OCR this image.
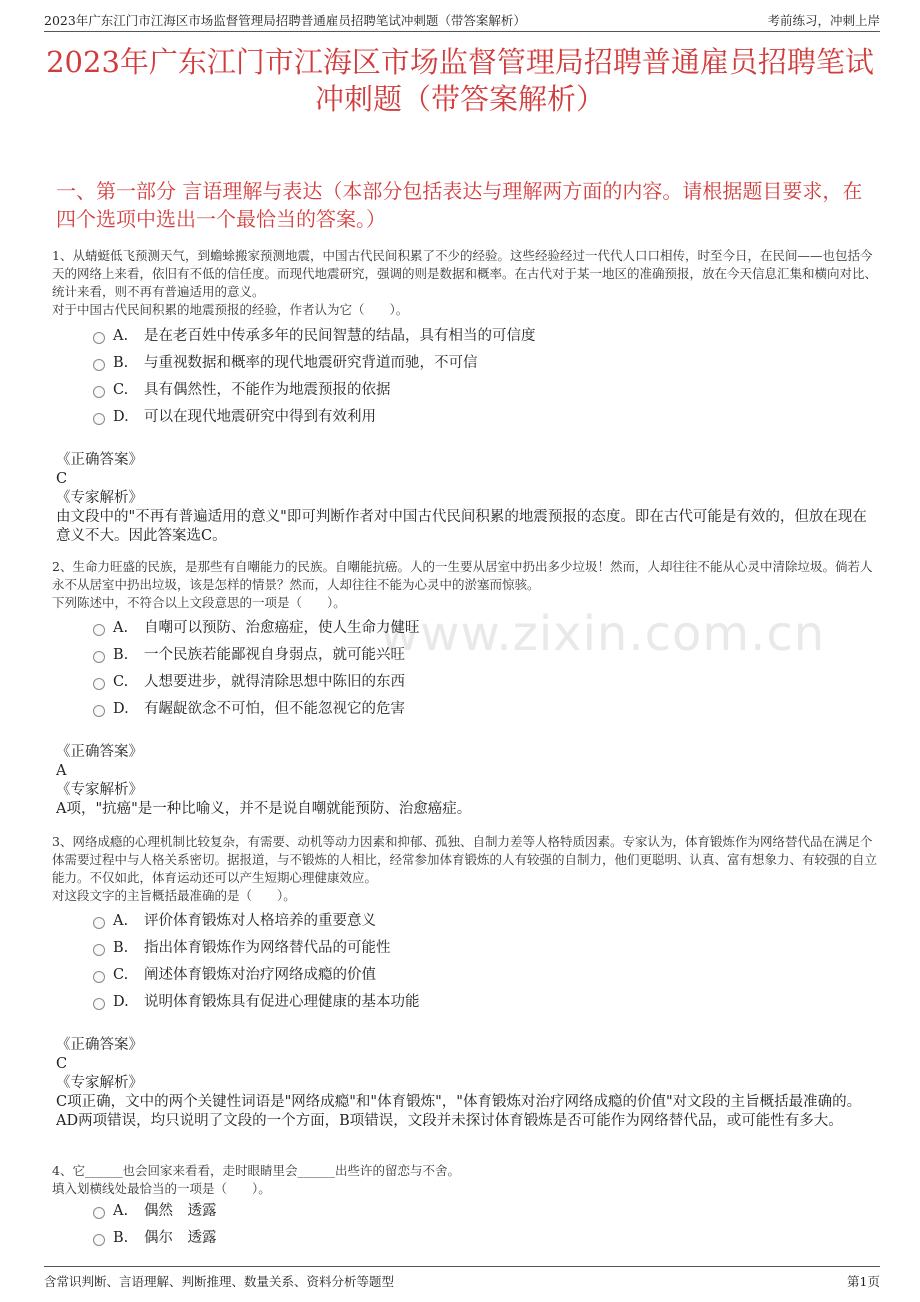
2023年广东江门市江海区市场监督管理局招聘普通雇员招聘笔试冲刺题（带答案解析）	考前练习，冲刺上岸
2023年广东江门市江海区市场监督管理局招聘普通雇员招聘笔试冲刺题（带答案解析）
一、第一部分 言语理解与表达（本部分包括表达与理解两方面的内容。请根据题目要求，在四个选项中选出一个最恰当的答案。）
www.zixin.com.cn

1、从蜻蜓低飞预测天气，到蟾蜍搬家预测地震，中国古代民间积累了不少的经验。这些经验经过一代代人口口相传，时至今日，在民间——也包括今天的网络上来看，依旧有不低的信任度。而现代地震研究，强调的则是数据和概率。在古代对于某一地区的准确预报，放在今天信息汇集和横向对比、统计来看，则不再有普遍适用的意义。

对于中国古代民间积累的地震预报的经验，作者认为它（　　）。

A. 是在老百姓中传承多年的民间智慧的结晶，具有相当的可信度
B. 与重视数据和概率的现代地震研究背道而驰，不可信
C. 具有偶然性，不能作为地震预报的依据
D. 可以在现代地震研究中得到有效利用

《正确答案》

C

《专家解析》

由文段中的"不再有普遍适用的意义"即可判断作者对中国古代民间积累的地震预报的态度。即在古代可能是有效的，但放在现在意义不大。因此答案选C。

2、生命力旺盛的民族，是那些有自嘲能力的民族。自嘲能抗癌。人的一生要从居室中扔出多少垃圾！然而，人却往往不能从心灵中清除垃圾。倘若人永不从居室中扔出垃圾，该是怎样的情景？然而，人却往往不能为心灵中的淤塞而惊骇。

下列陈述中，不符合以上文段意思的一项是（　　）。

A. 自嘲可以预防、治愈癌症，使人生命力健旺
B. 一个民族若能鄙视自身弱点，就可能兴旺
C. 人想要进步，就得清除思想中陈旧的东西
D. 有龌龊欲念不可怕，但不能忽视它的危害

《正确答案》

A

《专家解析》

A项，"抗癌"是一种比喻义，并不是说自嘲就能预防、治愈癌症。

3、网络成瘾的心理机制比较复杂，有需要、动机等动力因素和抑郁、孤独、自制力差等人格特质因素。专家认为，体育锻炼作为网络替代品在满足个体需要过程中与人格关系密切。据报道，与不锻炼的人相比，经常参加体育锻炼的人有较强的自制力，他们更聪明、认真、富有想象力、有较强的自立能力。不仅如此，体育运动还可以产生短期心理健康效应。

对这段文字的主旨概括最准确的是（　　）。

A. 评价体育锻炼对人格培养的重要意义
B. 指出体育锻炼作为网络替代品的可能性
C. 阐述体育锻炼对治疗网络成瘾的价值
D. 说明体育锻炼具有促进心理健康的基本功能

《正确答案》

C

《专家解析》

C项正确，文中的两个关键性词语是"网络成瘾"和"体育锻炼"，"体育锻炼对治疗网络成瘾的价值"对文段的主旨概括最准确的。AD两项错误，均只说明了文段的一个方面，B项错误，文段并未探讨体育锻炼是否可能作为网络替代品，或可能性有多大。

4、它______也会回家来看看，走时眼睛里会______出些许的留恋与不舍。

填入划横线处最恰当的一项是（　　）。

A. 偶然　透露
B. 偶尔　透露
含常识判断、言语理解、判断推理、数量关系、资料分析等题型	第1页
